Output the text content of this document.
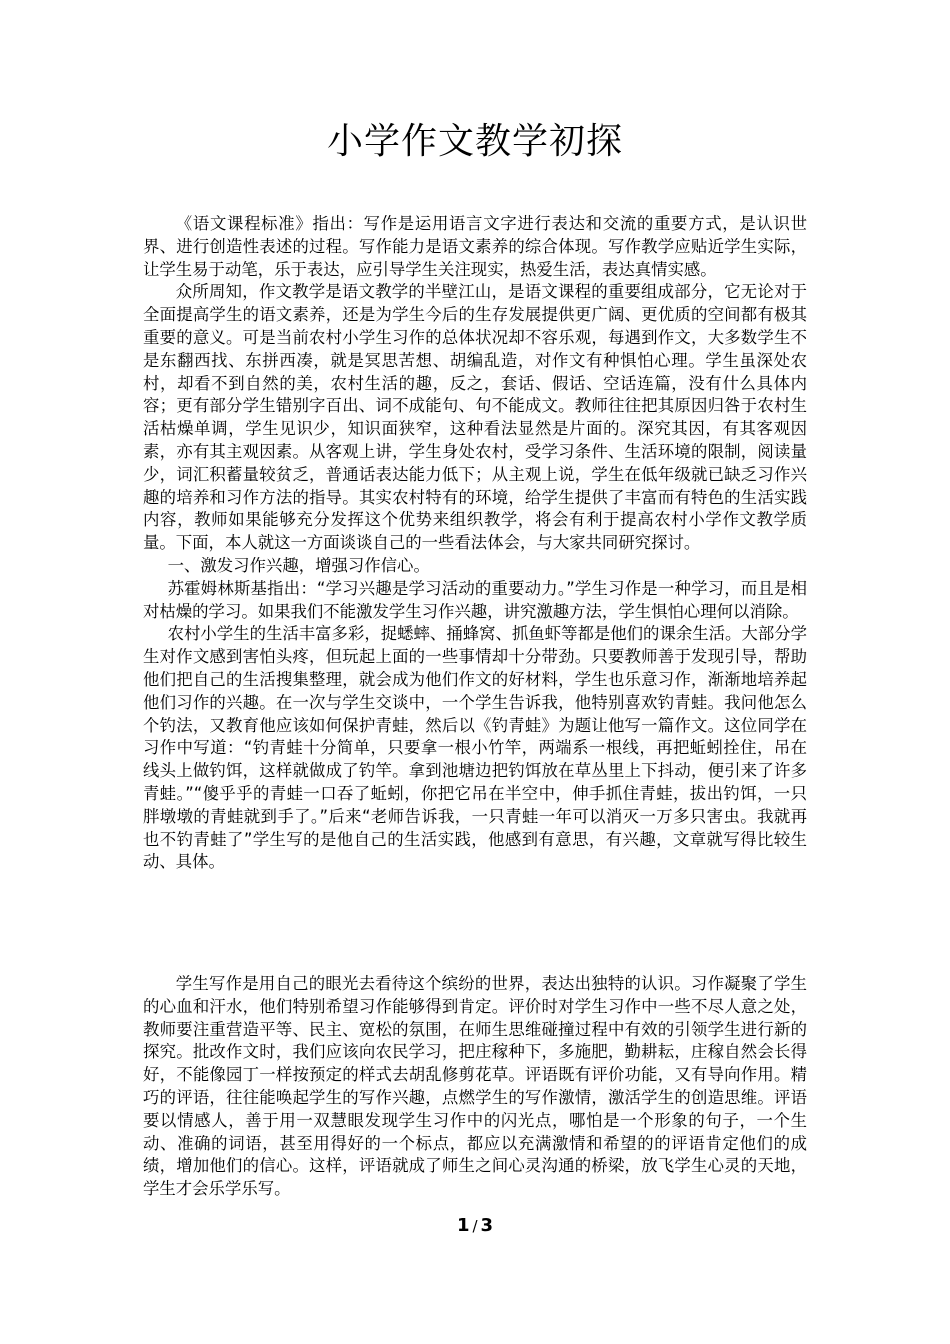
小学作文教学初探

《语文课程标准》指出：写作是运用语言文字进行表达和交流的重要方式，是认识世界、进行创造性表述的过程。写作能力是语文素养的综合体现。写作教学应贴近学生实际，让学生易于动笔，乐于表达，应引导学生关注现实，热爱生活，表达真情实感。

众所周知，作文教学是语文教学的半壁江山，是语文课程的重要组成部分，它无论对于全面提高学生的语文素养，还是为学生今后的生存发展提供更广阔、更优质的空间都有极其重要的意义。可是当前农村小学生习作的总体状况却不容乐观，每遇到作文，大多数学生不是东翻西找、东拼西凑，就是冥思苦想、胡编乱造，对作文有种惧怕心理。学生虽深处农村，却看不到自然的美，农村生活的趣，反之，套话、假话、空话连篇，没有什么具体内容；更有部分学生错别字百出、词不成能句、句不能成文。教师往往把其原因归咎于农村生活枯燥单调，学生见识少，知识面狭窄，这种看法显然是片面的。深究其因，有其客观因素，亦有其主观因素。从客观上讲，学生身处农村，受学习条件、生活环境的限制，阅读量少，词汇积蓄量较贫乏，普通话表达能力低下；从主观上说，学生在低年级就已缺乏习作兴趣的培养和习作方法的指导。其实农村特有的环境，给学生提供了丰富而有特色的生活实践内容，教师如果能够充分发挥这个优势来组织教学，将会有利于提高农村小学作文教学质量。下面，本人就这一方面谈谈自己的一些看法体会，与大家共同研究探讨。

一、激发习作兴趣，增强习作信心。

苏霍姆林斯基指出：“学习兴趣是学习活动的重要动力。”学生习作是一种学习，而且是相对枯燥的学习。如果我们不能激发学生习作兴趣，讲究激趣方法，学生惧怕心理何以消除。

农村小学生的生活丰富多彩，捉蟋蟀、捅蜂窝、抓鱼虾等都是他们的课余生活。大部分学生对作文感到害怕头疼，但玩起上面的一些事情却十分带劲。只要教师善于发现引导，帮助他们把自己的生活搜集整理，就会成为他们作文的好材料，学生也乐意习作，渐渐地培养起他们习作的兴趣。在一次与学生交谈中，一个学生告诉我，他特别喜欢钓青蛙。我问他怎么个钓法，又教育他应该如何保护青蛙，然后以《钓青蛙》为题让他写一篇作文。这位同学在习作中写道：“钓青蛙十分简单，只要拿一根小竹竿，两端系一根线，再把蚯蚓拴住，吊在线头上做钓饵，这样就做成了钓竿。拿到池塘边把钓饵放在草丛里上下抖动，便引来了许多青蛙。”“傻乎乎的青蛙一口吞了蚯蚓，你把它吊在半空中，伸手抓住青蛙，拔出钓饵，一只胖墩墩的青蛙就到手了。”后来“老师告诉我，一只青蛙一年可以消灭一万多只害虫。我就再也不钓青蛙了”学生写的是他自己的生活实践，他感到有意思，有兴趣，文章就写得比较生动、具体。

学生写作是用自己的眼光去看待这个缤纷的世界，表达出独特的认识。习作凝聚了学生的心血和汗水，他们特别希望习作能够得到肯定。评价时对学生习作中一些不尽人意之处，教师要注重营造平等、民主、宽松的氛围，在师生思维碰撞过程中有效的引领学生进行新的探究。批改作文时，我们应该向农民学习，把庄稼种下，多施肥，勤耕耘，庄稼自然会长得好，不能像园丁一样按预定的样式去胡乱修剪花草。评语既有评价功能，又有导向作用。精巧的评语，往往能唤起学生的写作兴趣，点燃学生的写作激情，激活学生的创造思维。评语要以情感人，善于用一双慧眼发现学生习作中的闪光点，哪怕是一个形象的句子，一个生动、准确的词语，甚至用得好的一个标点，都应以充满激情和希望的的评语肯定他们的成绩，增加他们的信心。这样，评语就成了师生之间心灵沟通的桥梁，放飞学生心灵的天地，学生才会乐学乐写。

1 / 3
